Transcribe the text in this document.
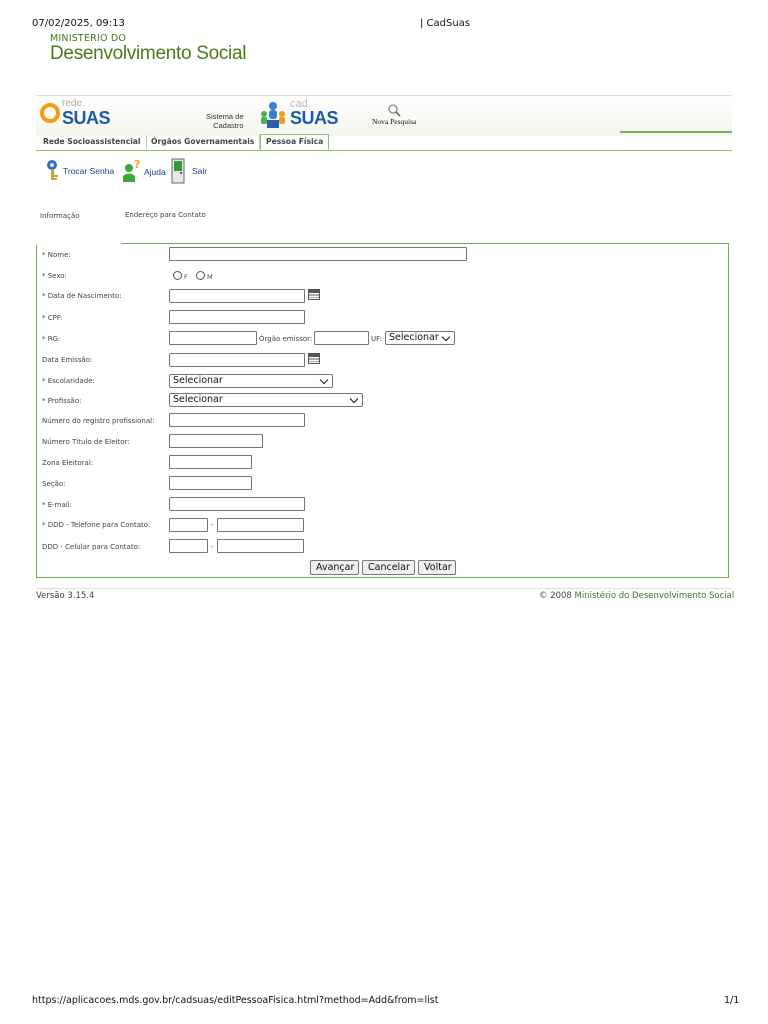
07/02/2025, 09:13	| CadSuas
MINISTERIO DO
Desenvolvimento Social
rede
SUAS	Sistema de
Cadastro
cad
SUAS	Nova Pesquisa
Rede Socioassistencial	Órgãos Governamentais	Pessoa Física
Trocar Senha ?
Ajuda	Sair
Informação	Endereço para Contato
* Nome:
* Sexo:	F	M
* Data de Nascimento:
* CPF:
* RG:	Órgão emissor:	UF: Selecionar
Data Emissão:
* Escolaridade:	Selecionar
* Profissão:	Selecionar
Número do registro profissional:
Número Título de Eleitor:
Zona Eleitoral:
Seção:
* E-mail:
* DDD - Telefone para Contato:	-
DDD - Celular para Contato:	-
Avançar	Cancelar	Voltar
Versão 3.15.4	© 2008 Ministério do Desenvolvimento Social
https://aplicacoes.mds.gov.br/cadsuas/editPessoaFisica.html?method=Add&from=list	1/1
